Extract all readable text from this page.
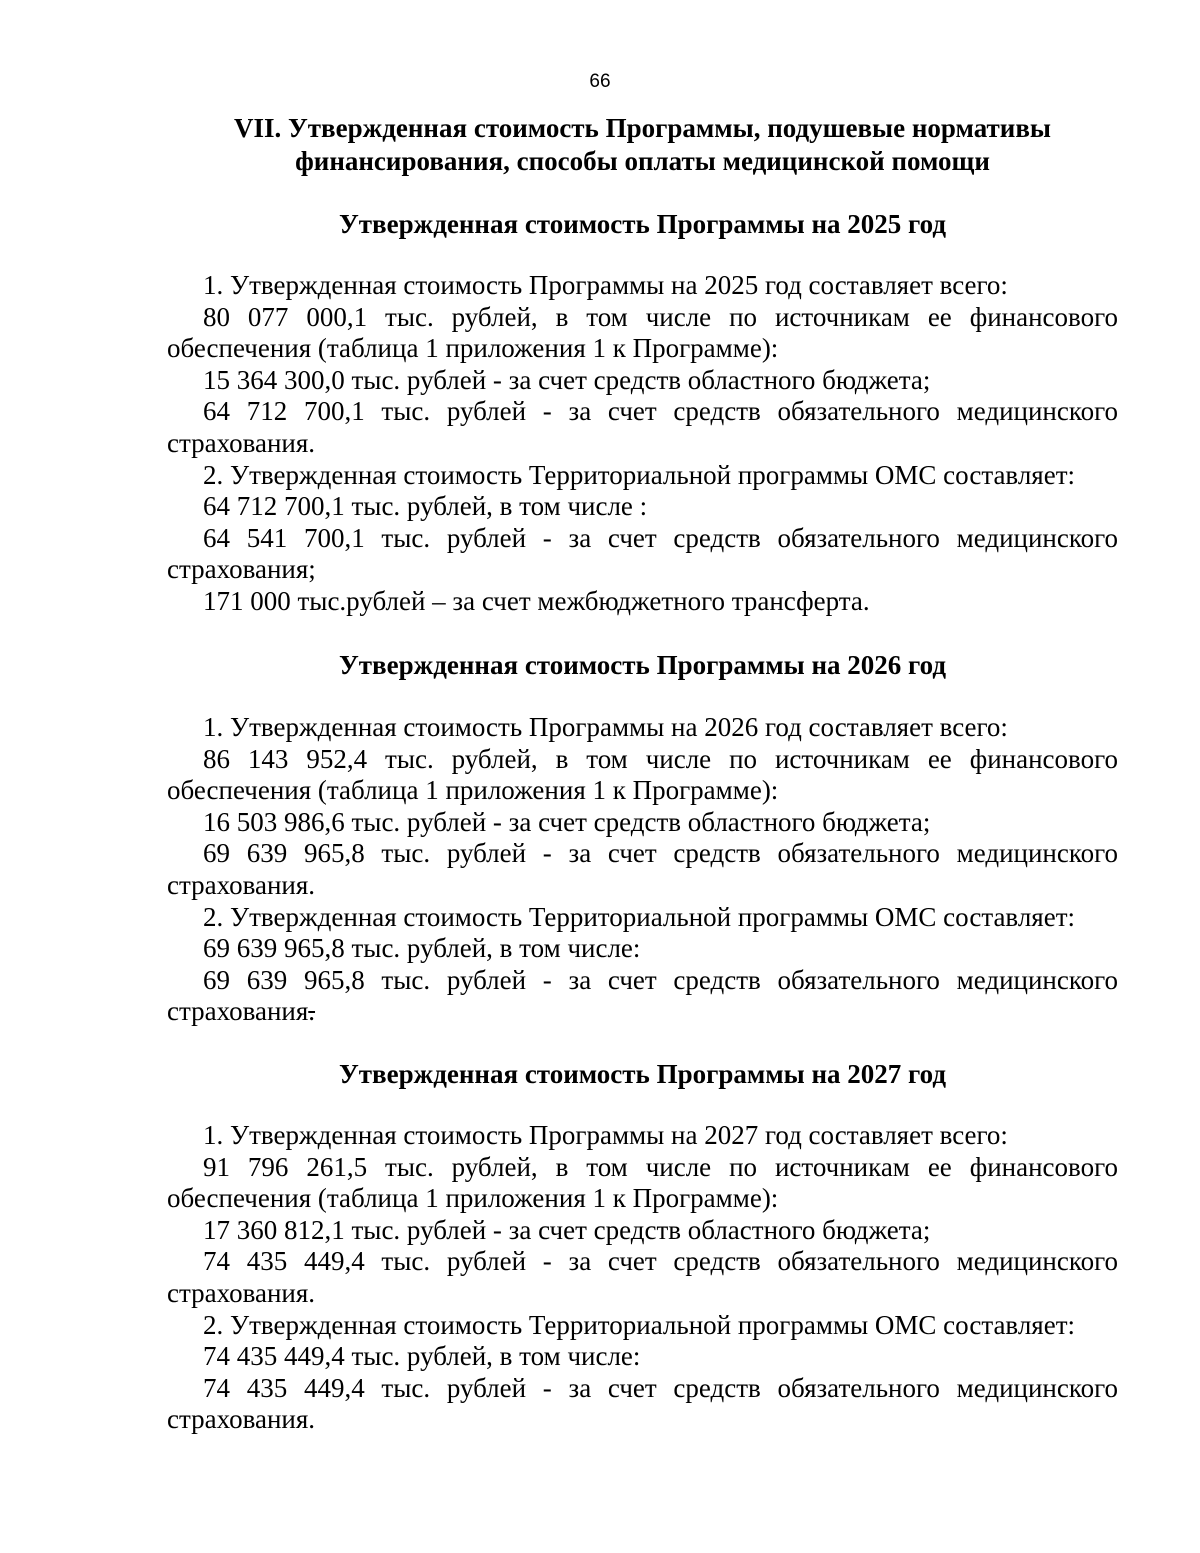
66
VII. Утвержденная стоимость Программы, подушевые нормативы
финансирования, способы оплаты медицинской помощи
Утвержденная стоимость Программы на 2025 год

1. Утвержденная стоимость Программы на 2025 год составляет всего:

80 077 000,1 тыс. рублей, в том числе по источникам ее финансового обеспечения (таблица 1 приложения 1 к Программе):

15 364 300,0 тыс. рублей - за счет средств областного бюджета;

64 712 700,1 тыс. рублей - за счет средств обязательного медицинского страхования.

2. Утвержденная стоимость Территориальной программы ОМС составляет:

64 712 700,1 тыс. рублей, в том числе :

64 541 700,1 тыс. рублей - за счет средств обязательного медицинского страхования;

171 000 тыс.рублей – за счет межбюджетного трансферта.

Утвержденная стоимость Программы на 2026 год

1. Утвержденная стоимость Программы на 2026 год составляет всего:

86 143 952,4 тыс. рублей, в том числе по источникам ее финансового обеспечения (таблица 1 приложения 1 к Программе):

16 503 986,6 тыс. рублей - за счет средств областного бюджета;

69 639 965,8 тыс. рублей - за счет средств обязательного медицинского страхования.

2. Утвержденная стоимость Территориальной программы ОМС составляет:

69 639 965,8 тыс. рублей, в том числе:

69 639 965,8 тыс. рублей - за счет средств обязательного медицинского страхования.

Утвержденная стоимость Программы на 2027 год

1. Утвержденная стоимость Программы на 2027 год составляет всего:

91 796 261,5 тыс. рублей, в том числе по источникам ее финансового обеспечения (таблица 1 приложения 1 к Программе):

17 360 812,1 тыс. рублей - за счет средств областного бюджета;

74 435 449,4 тыс. рублей - за счет средств обязательного медицинского страхования.

2. Утвержденная стоимость Территориальной программы ОМС составляет:

74 435 449,4 тыс. рублей, в том числе:

74 435 449,4 тыс. рублей - за счет средств обязательного медицинского страхования.
